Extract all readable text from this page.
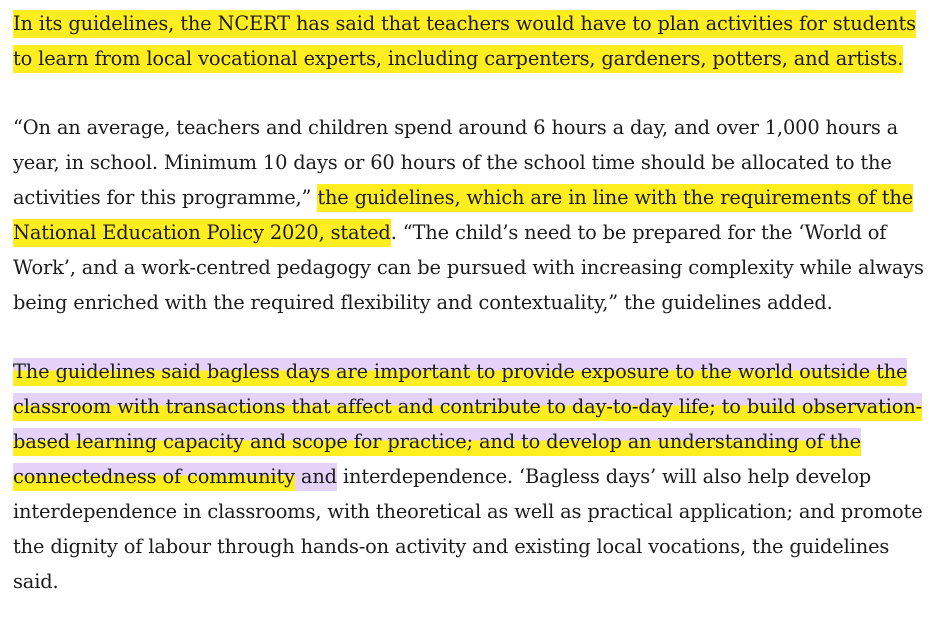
In its guidelines, the NCERT has said that teachers would have to plan activities for students to learn from local vocational experts, including carpenters, gardeners, potters, and artists.

“On an average, teachers and children spend around 6 hours a day, and over 1,000 hours a year, in school. Minimum 10 days or 60 hours of the school time should be allocated to the activities for this programme,” the guidelines, which are in line with the requirements of the National Education Policy 2020, stated. “The child’s need to be prepared for the ‘World of Work’, and a work-centred pedagogy can be pursued with increasing complexity while always being enriched with the required flexibility and contextuality,” the guidelines added.

The guidelines said bagless days are important to provide exposure to the world outside the classroom with transactions that affect and contribute to day-to-day life; to build observation-based learning capacity and scope for practice; and to develop an understanding of the connectedness of community and interdependence. ‘Bagless days’ will also help develop interdependence in classrooms, with theoretical as well as practical application; and promote the dignity of labour through hands-on activity and existing local vocations, the guidelines said.
